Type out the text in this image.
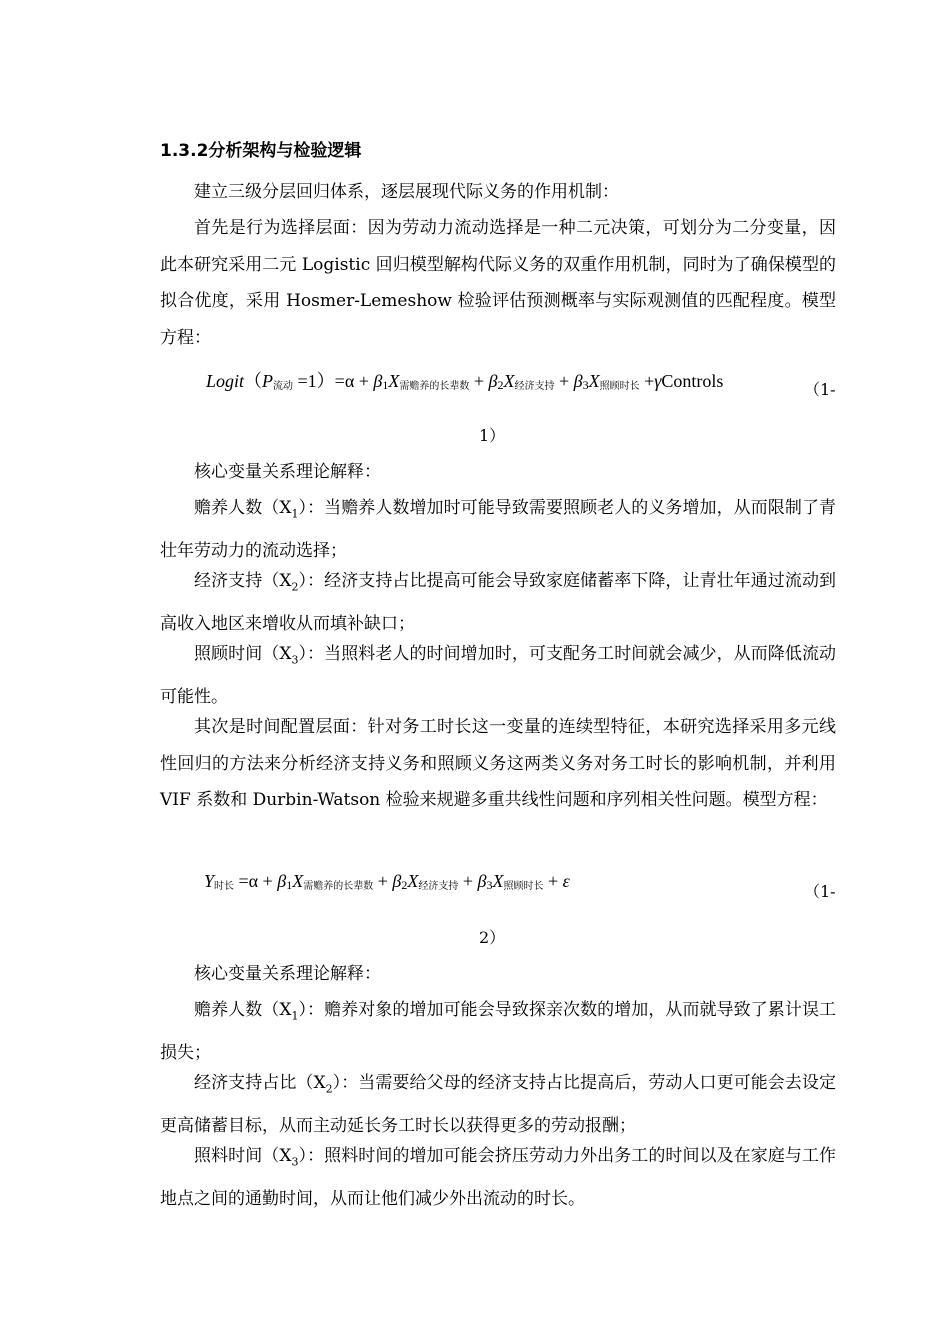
1.3.2分析架构与检验逻辑

建立三级分层回归体系，逐层展现代际义务的作用机制：

首先是行为选择层面：因为劳动力流动选择是一种二元决策，可划分为二分变量，因此本研究采用二元 Logistic 回归模型解构代际义务的双重作用机制，同时为了确保模型的拟合优度，采用 Hosmer-Lemeshow 检验评估预测概率与实际观测值的匹配程度。模型方程：

$Logit(P_{流动} =1)=\alpha + \beta 1X_{需赡养的长辈数} + \beta 2X_{经济支持} + \beta 3X_{照顾时长}$ +γControls	（1-
1）

核心变量关系理论解释：

赡养人数$(X_1)$：当赡养人数增加时可能导致需要照顾老人的义务增加，从而限制了青壮年劳动力的流动选择；

经济支持$(X_2)$：经济支持占比提高可能会导致家庭储蓄率下降，让青壮年通过流动到高收入地区来增收从而填补缺口；

照顾时间$(X_3)$：当照料老人的时间增加时，可支配务工时间就会减少，从而降低流动可能性。

其次是时间配置层面：针对务工时长这一变量的连续型特征，本研究选择采用多元线性回归的方法来分析经济支持义务和照顾义务这两类义务对务工时长的影响机制，并利用 VIF 系数和 Durbin-Watson 检验来规避多重共线性问题和序列相关性问题。模型方程：

$Y_{时长} =\alpha + \beta 1X_{需赡养的长辈数} + \beta 2X_{经济支持} + \beta 3X_{照顾时长} + \varepsilon$
（1-
2）

核心变量关系理论解释：

赡养人数$(X_1)$：赡养对象的增加可能会导致探亲次数的增加，从而就导致了累计误工损失；

经济支持占比$(X_2)$：当需要给父母的经济支持占比提高后，劳动人口更可能会去设定更高储蓄目标，从而主动延长务工时长以获得更多的劳动报酬；

照料时间$(X_3)$：照料时间的增加可能会挤压劳动力外出务工的时间以及在家庭与工作地点之间的通勤时间，从而让他们减少外出流动的时长。
